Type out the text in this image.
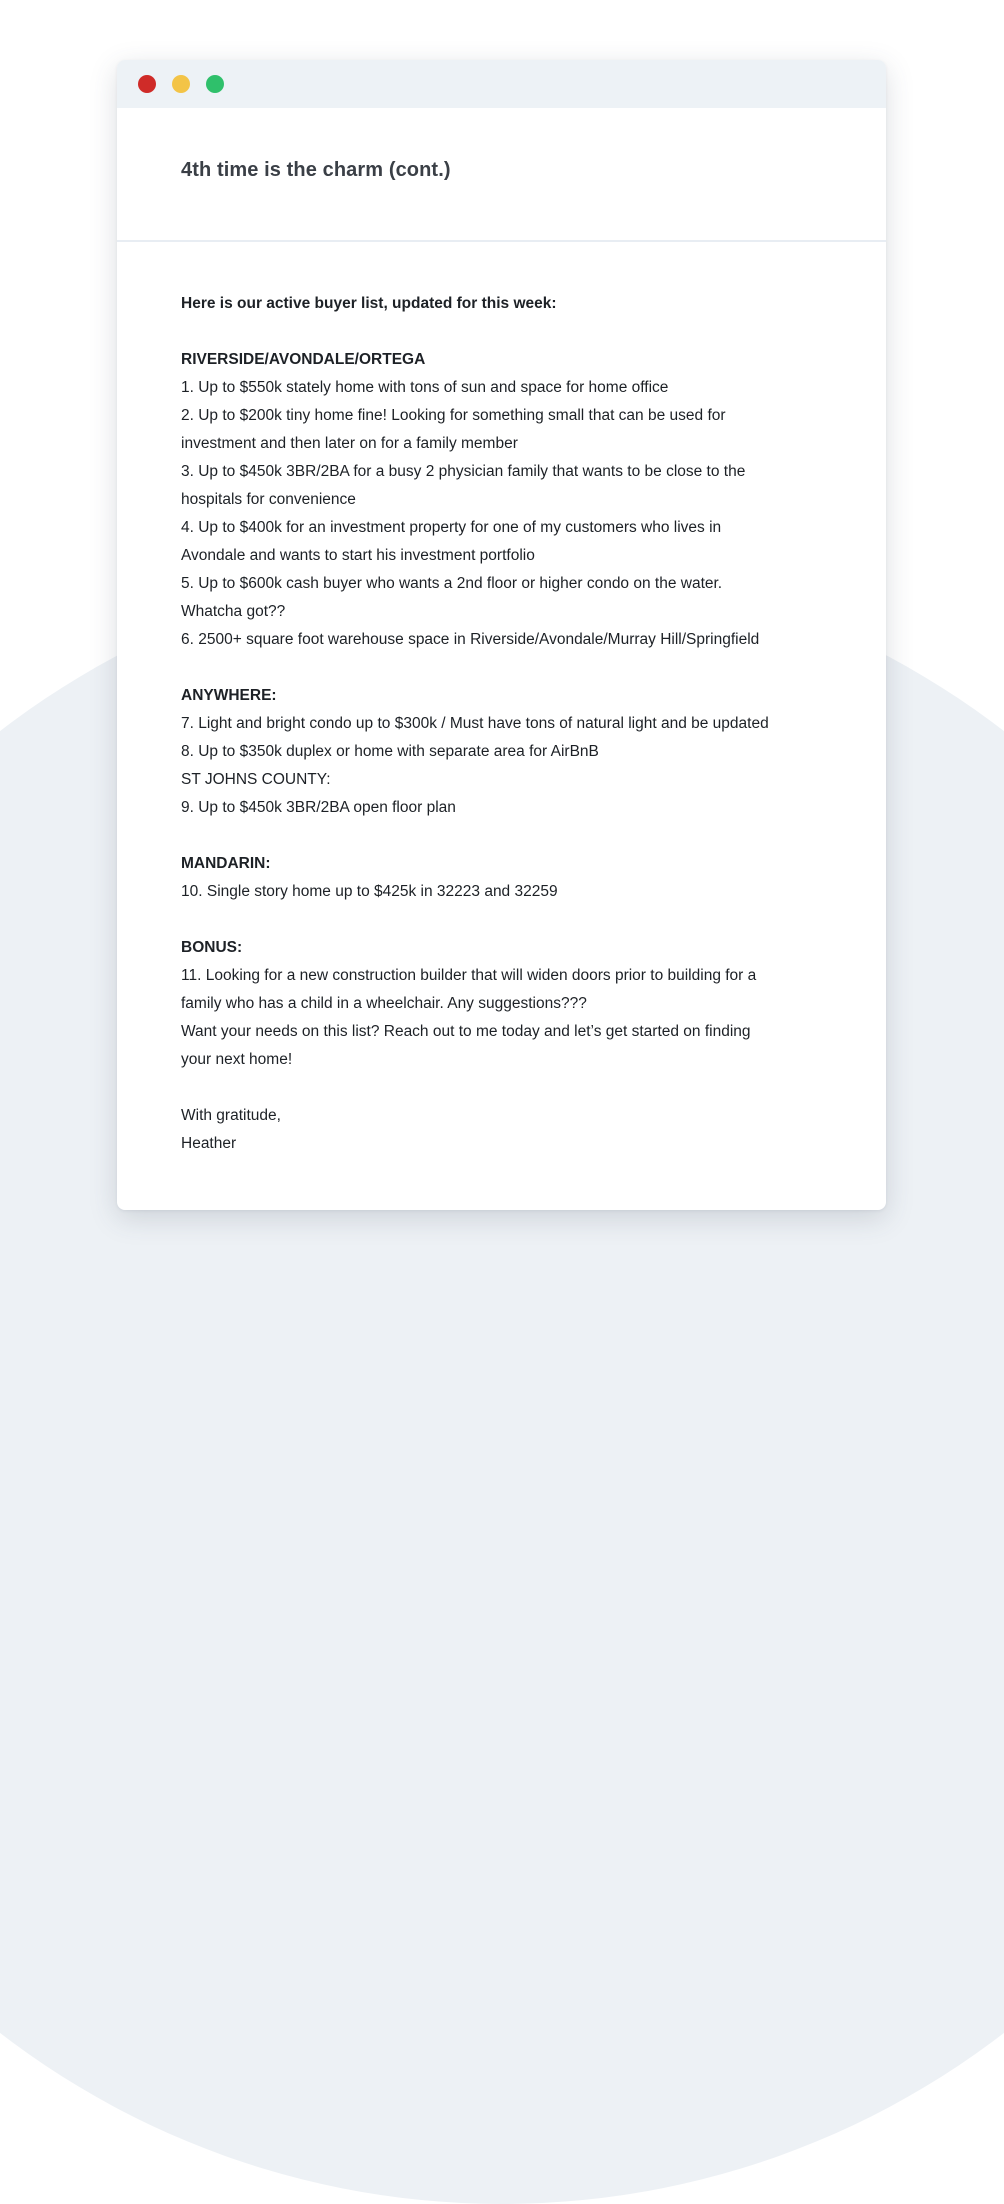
4th time is the charm (cont.)
Here is our active buyer list, updated for this week:
RIVERSIDE/AVONDALE/ORTEGA
1. Up to $550k stately home with tons of sun and space for home office
2. Up to $200k tiny home fine! Looking for something small that can be used for
investment and then later on for a family member
3. Up to $450k 3BR/2BA for a busy 2 physician family that wants to be close to the
hospitals for convenience
4. Up to $400k for an investment property for one of my customers who lives in
Avondale and wants to start his investment portfolio
5. Up to $600k cash buyer who wants a 2nd floor or higher condo on the water.
Whatcha got??
6. 2500+ square foot warehouse space in Riverside/Avondale/Murray Hill/Springfield
ANYWHERE:
7. Light and bright condo up to $300k / Must have tons of natural light and be updated
8. Up to $350k duplex or home with separate area for AirBnB
ST JOHNS COUNTY:
9. Up to $450k 3BR/2BA open floor plan
MANDARIN:
10. Single story home up to $425k in 32223 and 32259
BONUS:
11. Looking for a new construction builder that will widen doors prior to building for a
family who has a child in a wheelchair. Any suggestions???
Want your needs on this list? Reach out to me today and let’s get started on finding
your next home!
With gratitude,
Heather
